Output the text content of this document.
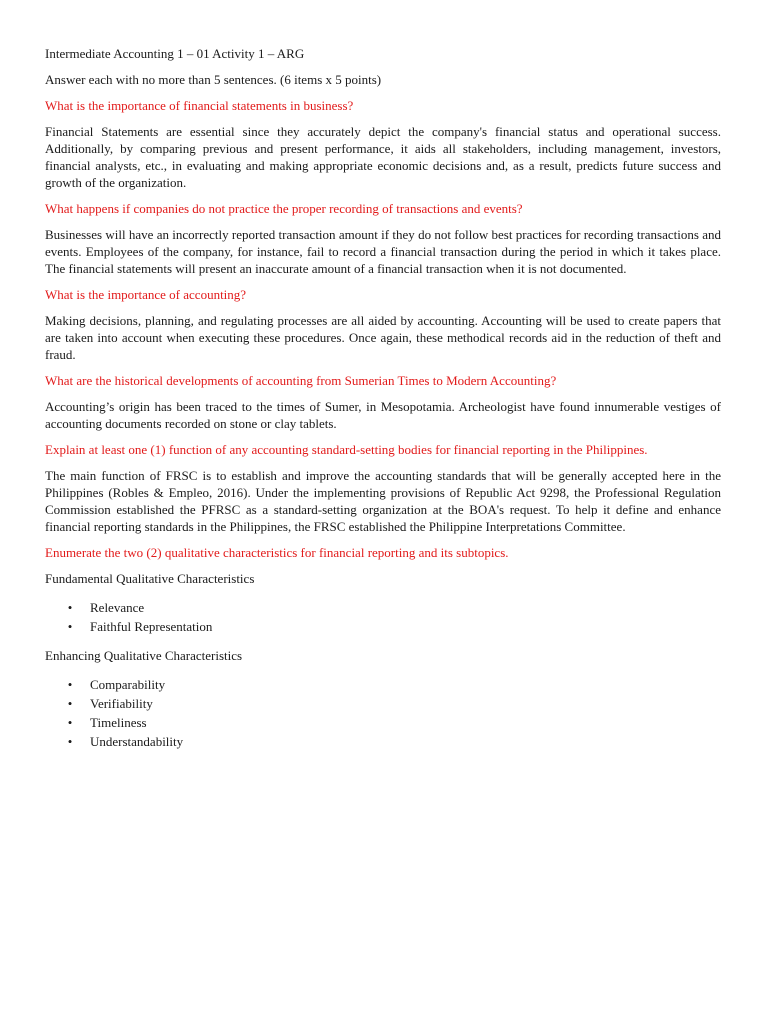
Intermediate Accounting 1 – 01 Activity 1 – ARG

Answer each with no more than 5 sentences. (6 items x 5 points)

What is the importance of financial statements in business?

Financial Statements are essential since they accurately depict the company's financial status and operational success. Additionally, by comparing previous and present performance, it aids all stakeholders, including management, investors, financial analysts, etc., in evaluating and making appropriate economic decisions and, as a result, predicts future success and growth of the organization.

What happens if companies do not practice the proper recording of transactions and events?

Businesses will have an incorrectly reported transaction amount if they do not follow best practices for recording transactions and events. Employees of the company, for instance, fail to record a financial transaction during the period in which it takes place. The financial statements will present an inaccurate amount of a financial transaction when it is not documented.

What is the importance of accounting?

Making decisions, planning, and regulating processes are all aided by accounting. Accounting will be used to create papers that are taken into account when executing these procedures. Once again, these methodical records aid in the reduction of theft and fraud.

What are the historical developments of accounting from Sumerian Times to Modern Accounting?

Accounting’s origin has been traced to the times of Sumer, in Mesopotamia. Archeologist have found innumerable vestiges of accounting documents recorded on stone or clay tablets.

Explain at least one (1) function of any accounting standard-setting bodies for financial reporting in the Philippines.

The main function of FRSC is to establish and improve the accounting standards that will be generally accepted here in the Philippines (Robles & Empleo, 2016). Under the implementing provisions of Republic Act 9298, the Professional Regulation Commission established the PFRSC as a standard-setting organization at the BOA's request. To help it define and enhance financial reporting standards in the Philippines, the FRSC established the Philippine Interpretations Committee.

Enumerate the two (2) qualitative characteristics for financial reporting and its subtopics.

Fundamental Qualitative Characteristics

• Relevance
• Faithful Representation

Enhancing Qualitative Characteristics

• Comparability
• Verifiability
• Timeliness
• Understandability
